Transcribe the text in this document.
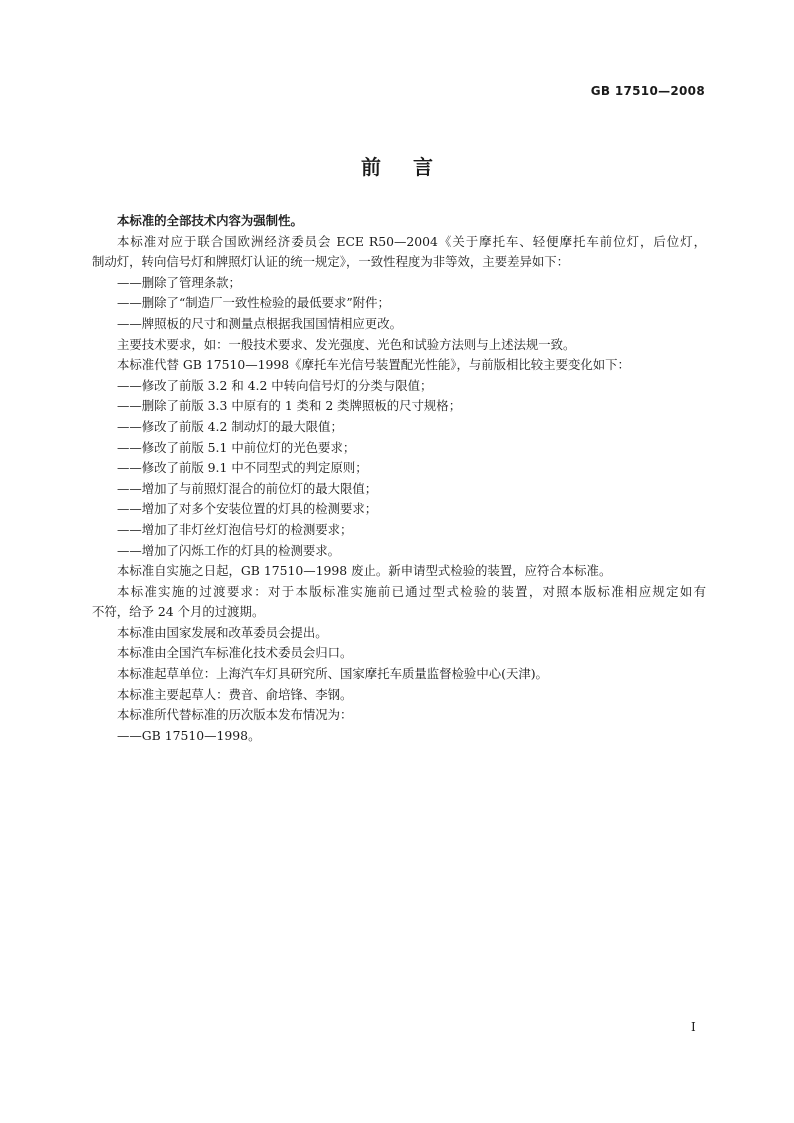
GB 17510—2008
前言
本标准的全部技术内容为强制性。
本标准对应于联合国欧洲经济委员会 ECE R50—2004《关于摩托车、轻便摩托车前位灯，后位灯，
制动灯，转向信号灯和牌照灯认证的统一规定》，一致性程度为非等效，主要差异如下：
——删除了管理条款；
——删除了“制造厂一致性检验的最低要求”附件；
——牌照板的尺寸和测量点根据我国国情相应更改。
主要技术要求，如：一般技术要求、发光强度、光色和试验方法则与上述法规一致。
本标准代替 GB 17510—1998《摩托车光信号装置配光性能》，与前版相比较主要变化如下：
——修改了前版 3.2 和 4.2 中转向信号灯的分类与限值；
——删除了前版 3.3 中原有的 1 类和 2 类牌照板的尺寸规格；
——修改了前版 4.2 制动灯的最大限值；
——修改了前版 5.1 中前位灯的光色要求；
——修改了前版 9.1 中不同型式的判定原则；
——增加了与前照灯混合的前位灯的最大限值；
——增加了对多个安装位置的灯具的检测要求；
——增加了非灯丝灯泡信号灯的检测要求；
——增加了闪烁工作的灯具的检测要求。
本标准自实施之日起，GB 17510—1998 废止。新申请型式检验的装置，应符合本标准。
本标准实施的过渡要求：对于本版标准实施前已通过型式检验的装置，对照本版标准相应规定如有
不符，给予 24 个月的过渡期。
本标准由国家发展和改革委员会提出。
本标准由全国汽车标准化技术委员会归口。
本标准起草单位：上海汽车灯具研究所、国家摩托车质量监督检验中心(天津)。
本标准主要起草人：费音、俞培锋、李钢。
本标准所代替标准的历次版本发布情况为：
——GB 17510—1998。
I
